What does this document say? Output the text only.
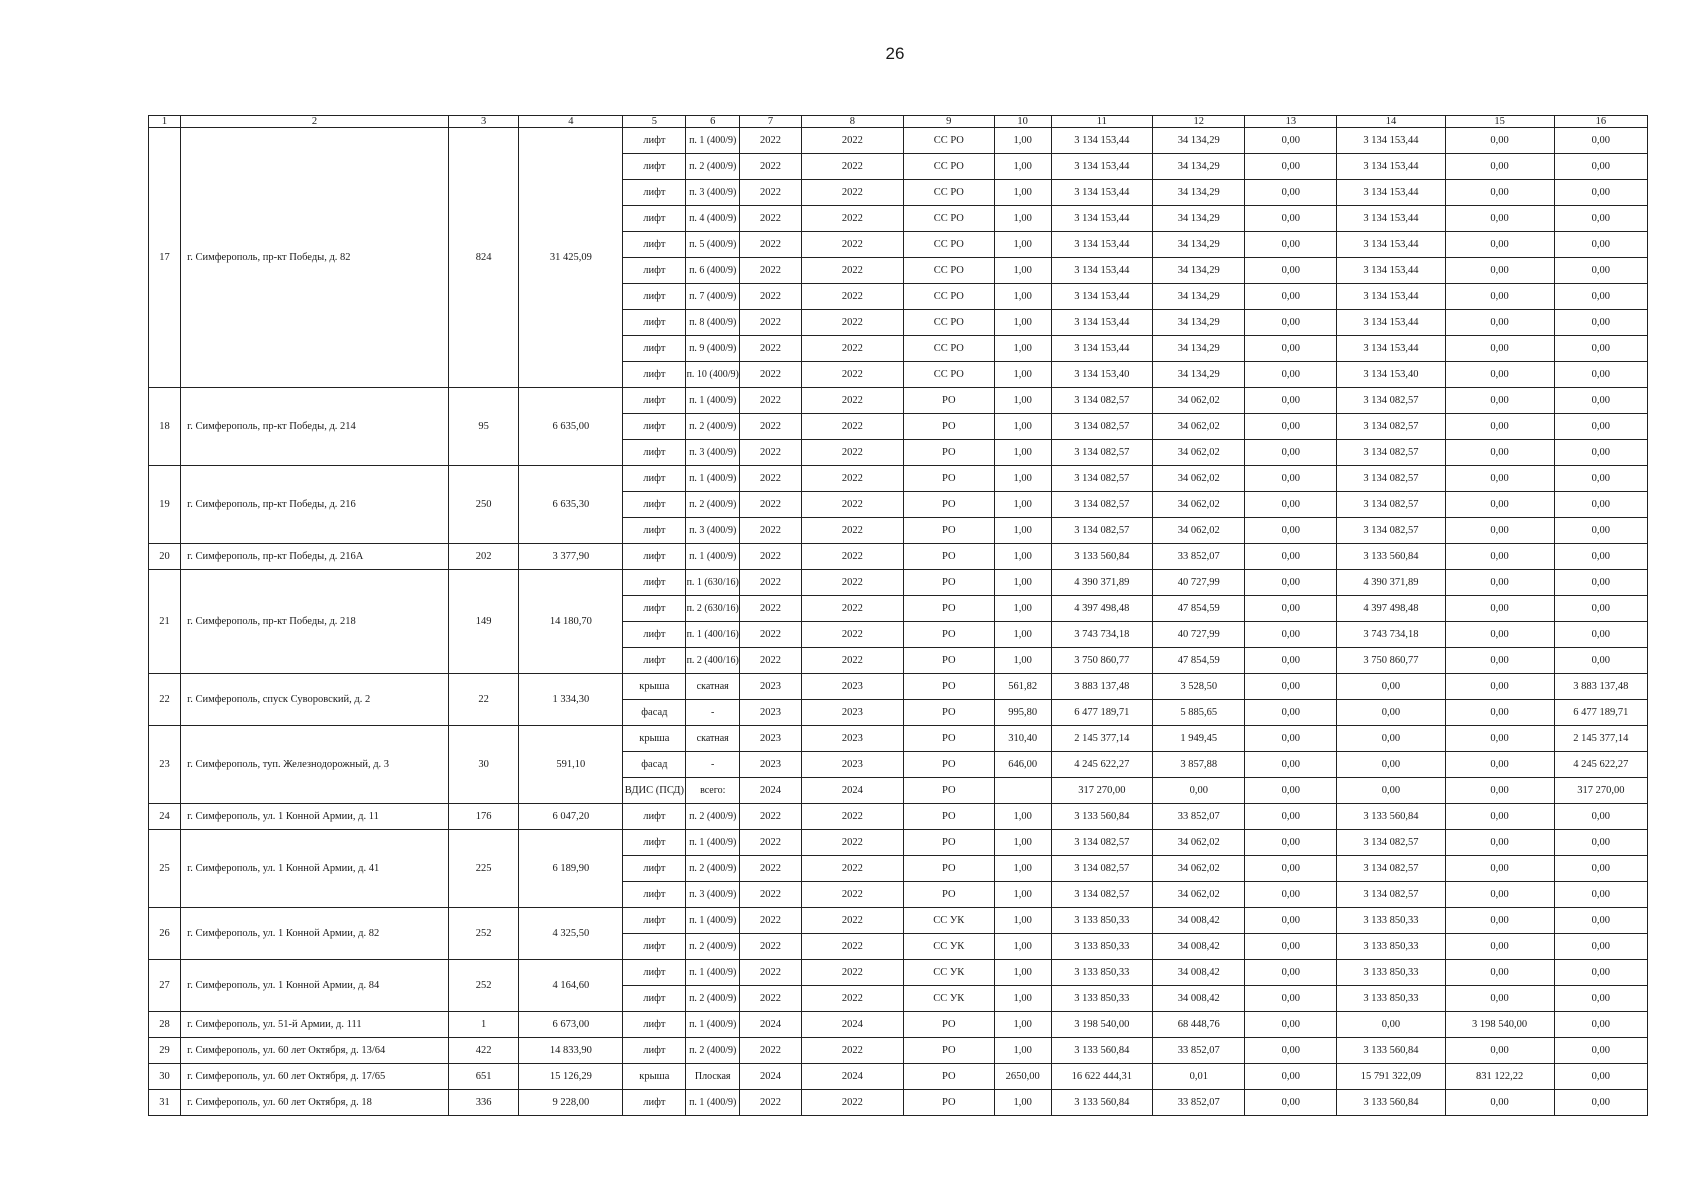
26
1	2	3	4	5	6	7	8	9	10	11	12	13	14	15	16
17	г. Симферополь, пр-кт Победы, д. 82	824	31 425,09	лифт	п. 1 (400/9)	2022	2022	СС РО	1,00	3 134 153,44	34 134,29	0,00	3 134 153,44	0,00	0,00
				лифт	п. 2 (400/9)	2022	2022	СС РО	1,00	3 134 153,44	34 134,29	0,00	3 134 153,44	0,00	0,00
				лифт	п. 3 (400/9)	2022	2022	СС РО	1,00	3 134 153,44	34 134,29	0,00	3 134 153,44	0,00	0,00
				лифт	п. 4 (400/9)	2022	2022	СС РО	1,00	3 134 153,44	34 134,29	0,00	3 134 153,44	0,00	0,00
				лифт	п. 5 (400/9)	2022	2022	СС РО	1,00	3 134 153,44	34 134,29	0,00	3 134 153,44	0,00	0,00
				лифт	п. 6 (400/9)	2022	2022	СС РО	1,00	3 134 153,44	34 134,29	0,00	3 134 153,44	0,00	0,00
				лифт	п. 7 (400/9)	2022	2022	СС РО	1,00	3 134 153,44	34 134,29	0,00	3 134 153,44	0,00	0,00
				лифт	п. 8 (400/9)	2022	2022	СС РО	1,00	3 134 153,44	34 134,29	0,00	3 134 153,44	0,00	0,00
				лифт	п. 9 (400/9)	2022	2022	СС РО	1,00	3 134 153,44	34 134,29	0,00	3 134 153,44	0,00	0,00
				лифт	п. 10 (400/9)	2022	2022	СС РО	1,00	3 134 153,40	34 134,29	0,00	3 134 153,40	0,00	0,00
18	г. Симферополь, пр-кт Победы, д. 214	95	6 635,00	лифт	п. 1 (400/9)	2022	2022	РО	1,00	3 134 082,57	34 062,02	0,00	3 134 082,57	0,00	0,00
				лифт	п. 2 (400/9)	2022	2022	РО	1,00	3 134 082,57	34 062,02	0,00	3 134 082,57	0,00	0,00
				лифт	п. 3 (400/9)	2022	2022	РО	1,00	3 134 082,57	34 062,02	0,00	3 134 082,57	0,00	0,00
19	г. Симферополь, пр-кт Победы, д. 216	250	6 635,30	лифт	п. 1 (400/9)	2022	2022	РО	1,00	3 134 082,57	34 062,02	0,00	3 134 082,57	0,00	0,00
				лифт	п. 2 (400/9)	2022	2022	РО	1,00	3 134 082,57	34 062,02	0,00	3 134 082,57	0,00	0,00
				лифт	п. 3 (400/9)	2022	2022	РО	1,00	3 134 082,57	34 062,02	0,00	3 134 082,57	0,00	0,00
20	г. Симферополь, пр-кт Победы, д. 216А	202	3 377,90	лифт	п. 1 (400/9)	2022	2022	РО	1,00	3 133 560,84	33 852,07	0,00	3 133 560,84	0,00	0,00
21	г. Симферополь, пр-кт Победы, д. 218	149	14 180,70	лифт	п. 1 (630/16)	2022	2022	РО	1,00	4 390 371,89	40 727,99	0,00	4 390 371,89	0,00	0,00
				лифт	п. 2 (630/16)	2022	2022	РО	1,00	4 397 498,48	47 854,59	0,00	4 397 498,48	0,00	0,00
				лифт	п. 1 (400/16)	2022	2022	РО	1,00	3 743 734,18	40 727,99	0,00	3 743 734,18	0,00	0,00
				лифт	п. 2 (400/16)	2022	2022	РО	1,00	3 750 860,77	47 854,59	0,00	3 750 860,77	0,00	0,00
22	г. Симферополь, спуск Суворовский, д. 2	22	1 334,30	крыша	скатная	2023	2023	РО	561,82	3 883 137,48	3 528,50	0,00	0,00	0,00	3 883 137,48
				фасад	-	2023	2023	РО	995,80	6 477 189,71	5 885,65	0,00	0,00	0,00	6 477 189,71
23	г. Симферополь, туп. Железнодорожный, д. 3	30	591,10	крыша	скатная	2023	2023	РО	310,40	2 145 377,14	1 949,45	0,00	0,00	0,00	2 145 377,14
				фасад	-	2023	2023	РО	646,00	4 245 622,27	3 857,88	0,00	0,00	0,00	4 245 622,27
				ВДИС (ПСД)	всего:	2024	2024	РО		317 270,00	0,00	0,00	0,00	0,00	317 270,00
24	г. Симферополь, ул. 1 Конной Армии, д. 11	176	6 047,20	лифт	п. 2 (400/9)	2022	2022	РО	1,00	3 133 560,84	33 852,07	0,00	3 133 560,84	0,00	0,00
25	г. Симферополь, ул. 1 Конной Армии, д. 41	225	6 189,90	лифт	п. 1 (400/9)	2022	2022	РО	1,00	3 134 082,57	34 062,02	0,00	3 134 082,57	0,00	0,00
				лифт	п. 2 (400/9)	2022	2022	РО	1,00	3 134 082,57	34 062,02	0,00	3 134 082,57	0,00	0,00
				лифт	п. 3 (400/9)	2022	2022	РО	1,00	3 134 082,57	34 062,02	0,00	3 134 082,57	0,00	0,00
26	г. Симферополь, ул. 1 Конной Армии, д. 82	252	4 325,50	лифт	п. 1 (400/9)	2022	2022	СС УК	1,00	3 133 850,33	34 008,42	0,00	3 133 850,33	0,00	0,00
				лифт	п. 2 (400/9)	2022	2022	СС УК	1,00	3 133 850,33	34 008,42	0,00	3 133 850,33	0,00	0,00
27	г. Симферополь, ул. 1 Конной Армии, д. 84	252	4 164,60	лифт	п. 1 (400/9)	2022	2022	СС УК	1,00	3 133 850,33	34 008,42	0,00	3 133 850,33	0,00	0,00
				лифт	п. 2 (400/9)	2022	2022	СС УК	1,00	3 133 850,33	34 008,42	0,00	3 133 850,33	0,00	0,00
28	г. Симферополь, ул. 51-й Армии, д. 111	1	6 673,00	лифт	п. 1 (400/9)	2024	2024	РО	1,00	3 198 540,00	68 448,76	0,00	0,00	3 198 540,00	0,00
29	г. Симферополь, ул. 60 лет Октября, д. 13/64	422	14 833,90	лифт	п. 2 (400/9)	2022	2022	РО	1,00	3 133 560,84	33 852,07	0,00	3 133 560,84	0,00	0,00
30	г. Симферополь, ул. 60 лет Октября, д. 17/65	651	15 126,29	крыша	Плоская	2024	2024	РО	2650,00	16 622 444,31	0,01	0,00	15 791 322,09	831 122,22	0,00
31	г. Симферополь, ул. 60 лет Октября, д. 18	336	9 228,00	лифт	п. 1 (400/9)	2022	2022	РО	1,00	3 133 560,84	33 852,07	0,00	3 133 560,84	0,00	0,00
